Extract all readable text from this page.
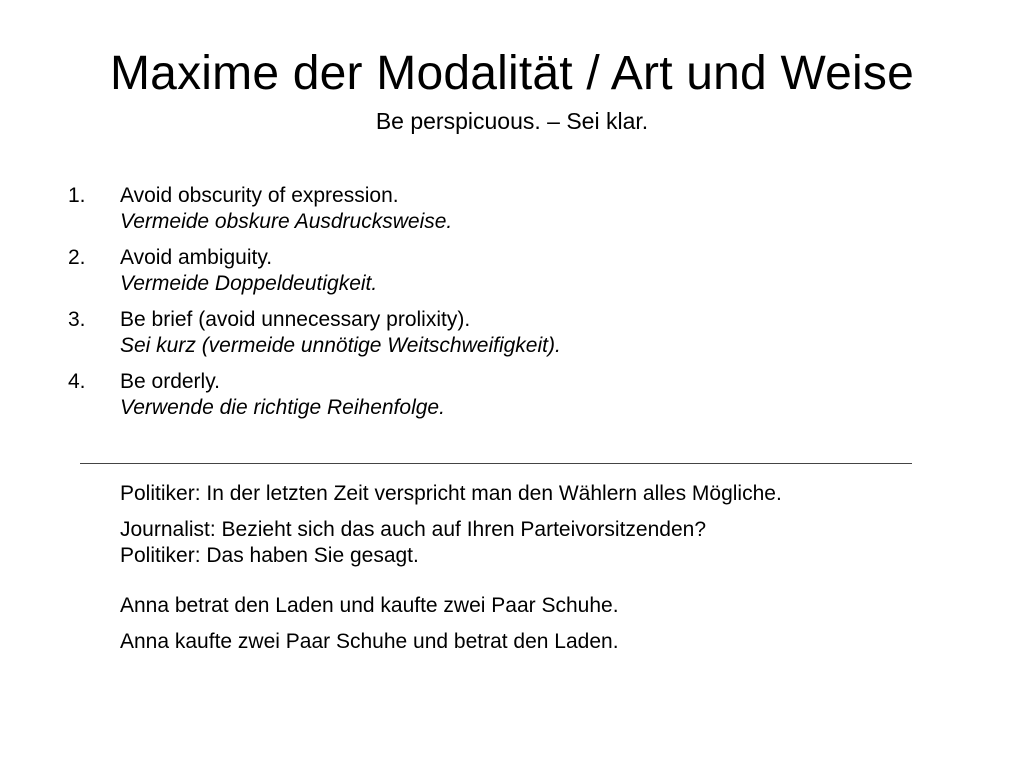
Maxime der Modalität / Art und Weise
Be perspicuous. – Sei klar.
1.	Avoid obscurity of expression.
Vermeide obskure Ausdrucksweise.
2.	Avoid ambiguity.
Vermeide Doppeldeutigkeit.
3.	Be brief (avoid unnecessary prolixity).
Sei kurz (vermeide unnötige Weitschweifigkeit).
4.	Be orderly.
Verwende die richtige Reihenfolge.

Politiker: In der letzten Zeit verspricht man den Wählern alles Mögliche.

Journalist: Bezieht sich das auch auf Ihren Parteivorsitzenden?
Politiker: Das haben Sie gesagt.

Anna betrat den Laden und kaufte zwei Paar Schuhe.

Anna kaufte zwei Paar Schuhe und betrat den Laden.
